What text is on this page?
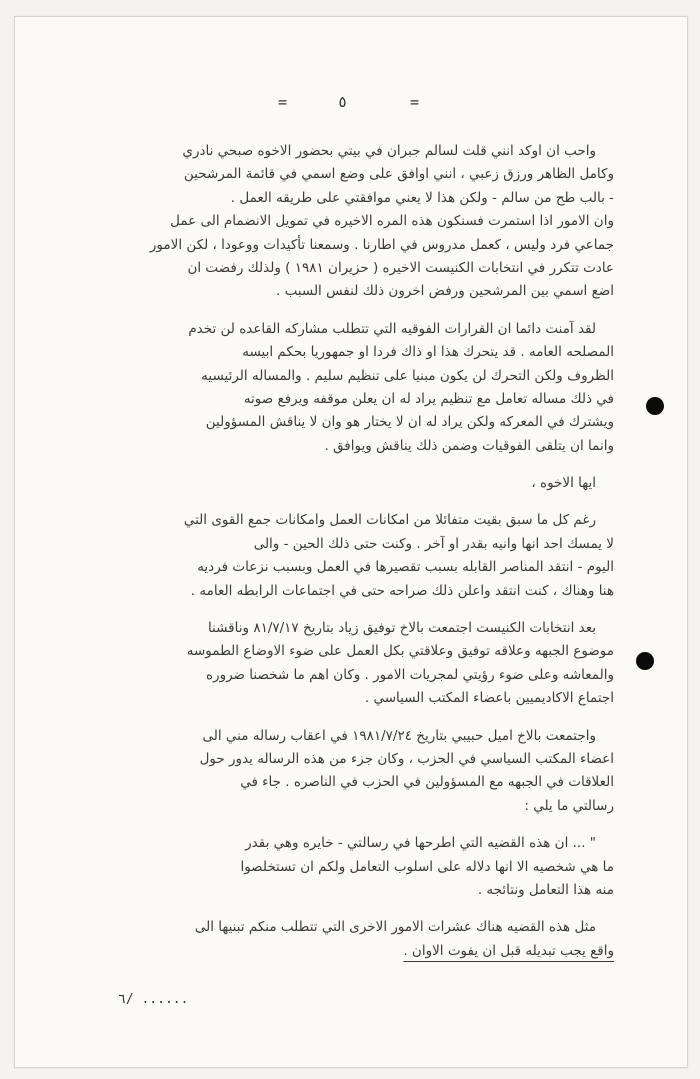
=	٥	=
واحب ان اوكد انني قلت لسالم جبران في بيتي بحضور الاخوه صبحي نادري
وكامل الظاهر ورزق زعبي ، انني اوافق على وضع اسمي في قائمة المرشحين
- بالب طح من سالم - ولكن هذا لا يعني موافقتي على طريقه العمل .
وان الامور اذا استمرت فسنكون هذه المره الاخيره في تمويل الانضمام الى عمل
جماعي فرد وليس ، كعمل مدروس في اطارنا . وسمعنا تأكيدات ووعودا ، لكن الامور
عادت تتكرر في انتخابات الكنيست الاخيره ( حزيران ١٩٨١ ) ولذلك رفضت ان
اضع اسمي بين المرشحين ورفض اخرون ذلك لنفس السبب .
لقد آمنت دائما ان القرارات الفوقيه التي تتطلب مشاركه القاعده لن تخدم
المصلحه العامه . قد يتحرك هذا او ذاك فردا او جمهوريا بحكم ابيسه
الظروف ولكن التحرك لن يكون مبنيا على تنظيم سليم . والمساله الرئيسيه
في ذلك مساله تعامل مع تنظيم يراد له ان يعلن موقفه ويرفع صوته
ويشترك في المعركه ولكن يراد له ان لا يختار هو وان لا يناقش المسؤولين
وانما ان يتلقى الفوقيات وضمن ذلك يناقش ويوافق .
ايها الاخوه ،
رغم كل ما سبق بقيت متفائلا من امكانات العمل وامكانات جمع القوى التي
لا يمسك احد انها وانيه بقدر او آخر . وكنت حتى ذلك الحين - والى
اليوم - انتقد المناصر القابله بسبب تقصيرها في العمل وبسبب نزعات فرديه
هنا وهناك ، كنت انتقد واعلن ذلك صراحه حتى في اجتماعات الرابطه العامه .
بعد انتخابات الكنيست اجتمعت بالاخ توفيق زياد بتاريخ ٨١/٧/١٧ وناقشنا
موضوع الجبهه وعلاقه توفيق وعلاقتي بكل العمل على ضوء الاوضاع الطموسه
والمعاشه وعلى ضوء رؤيتي لمجريات الامور . وكان اهم ما شخصنا ضروره
اجتماع الاكاديميين باعضاء المكتب السياسي .
واجتمعت بالاخ اميل حبيبي بتاريخ ١٩٨١/٧/٢٤ في اعقاب رساله مني الى
اعضاء المكتب السياسي في الحزب ، وكان جزء من هذه الرساله يدور حول
العلاقات في الجبهه مع المسؤولين في الحزب في الناصره . جاء في
رسالتي ما يلي :
" ... ان هذه القضيه التي اطرحها في رسالتي - خايره وهي بقدر
ما هي شخصيه الا انها دلاله على اسلوب التعامل ولكم ان تستخلصوا
منه هذا التعامل ونتائجه .
مثل هذه القضيه هناك عشرات الامور الاخرى التي تتطلب منكم تبنيها الى
واقع يجب تبديله قبل ان يفوت الاوان .
٦/ ......
